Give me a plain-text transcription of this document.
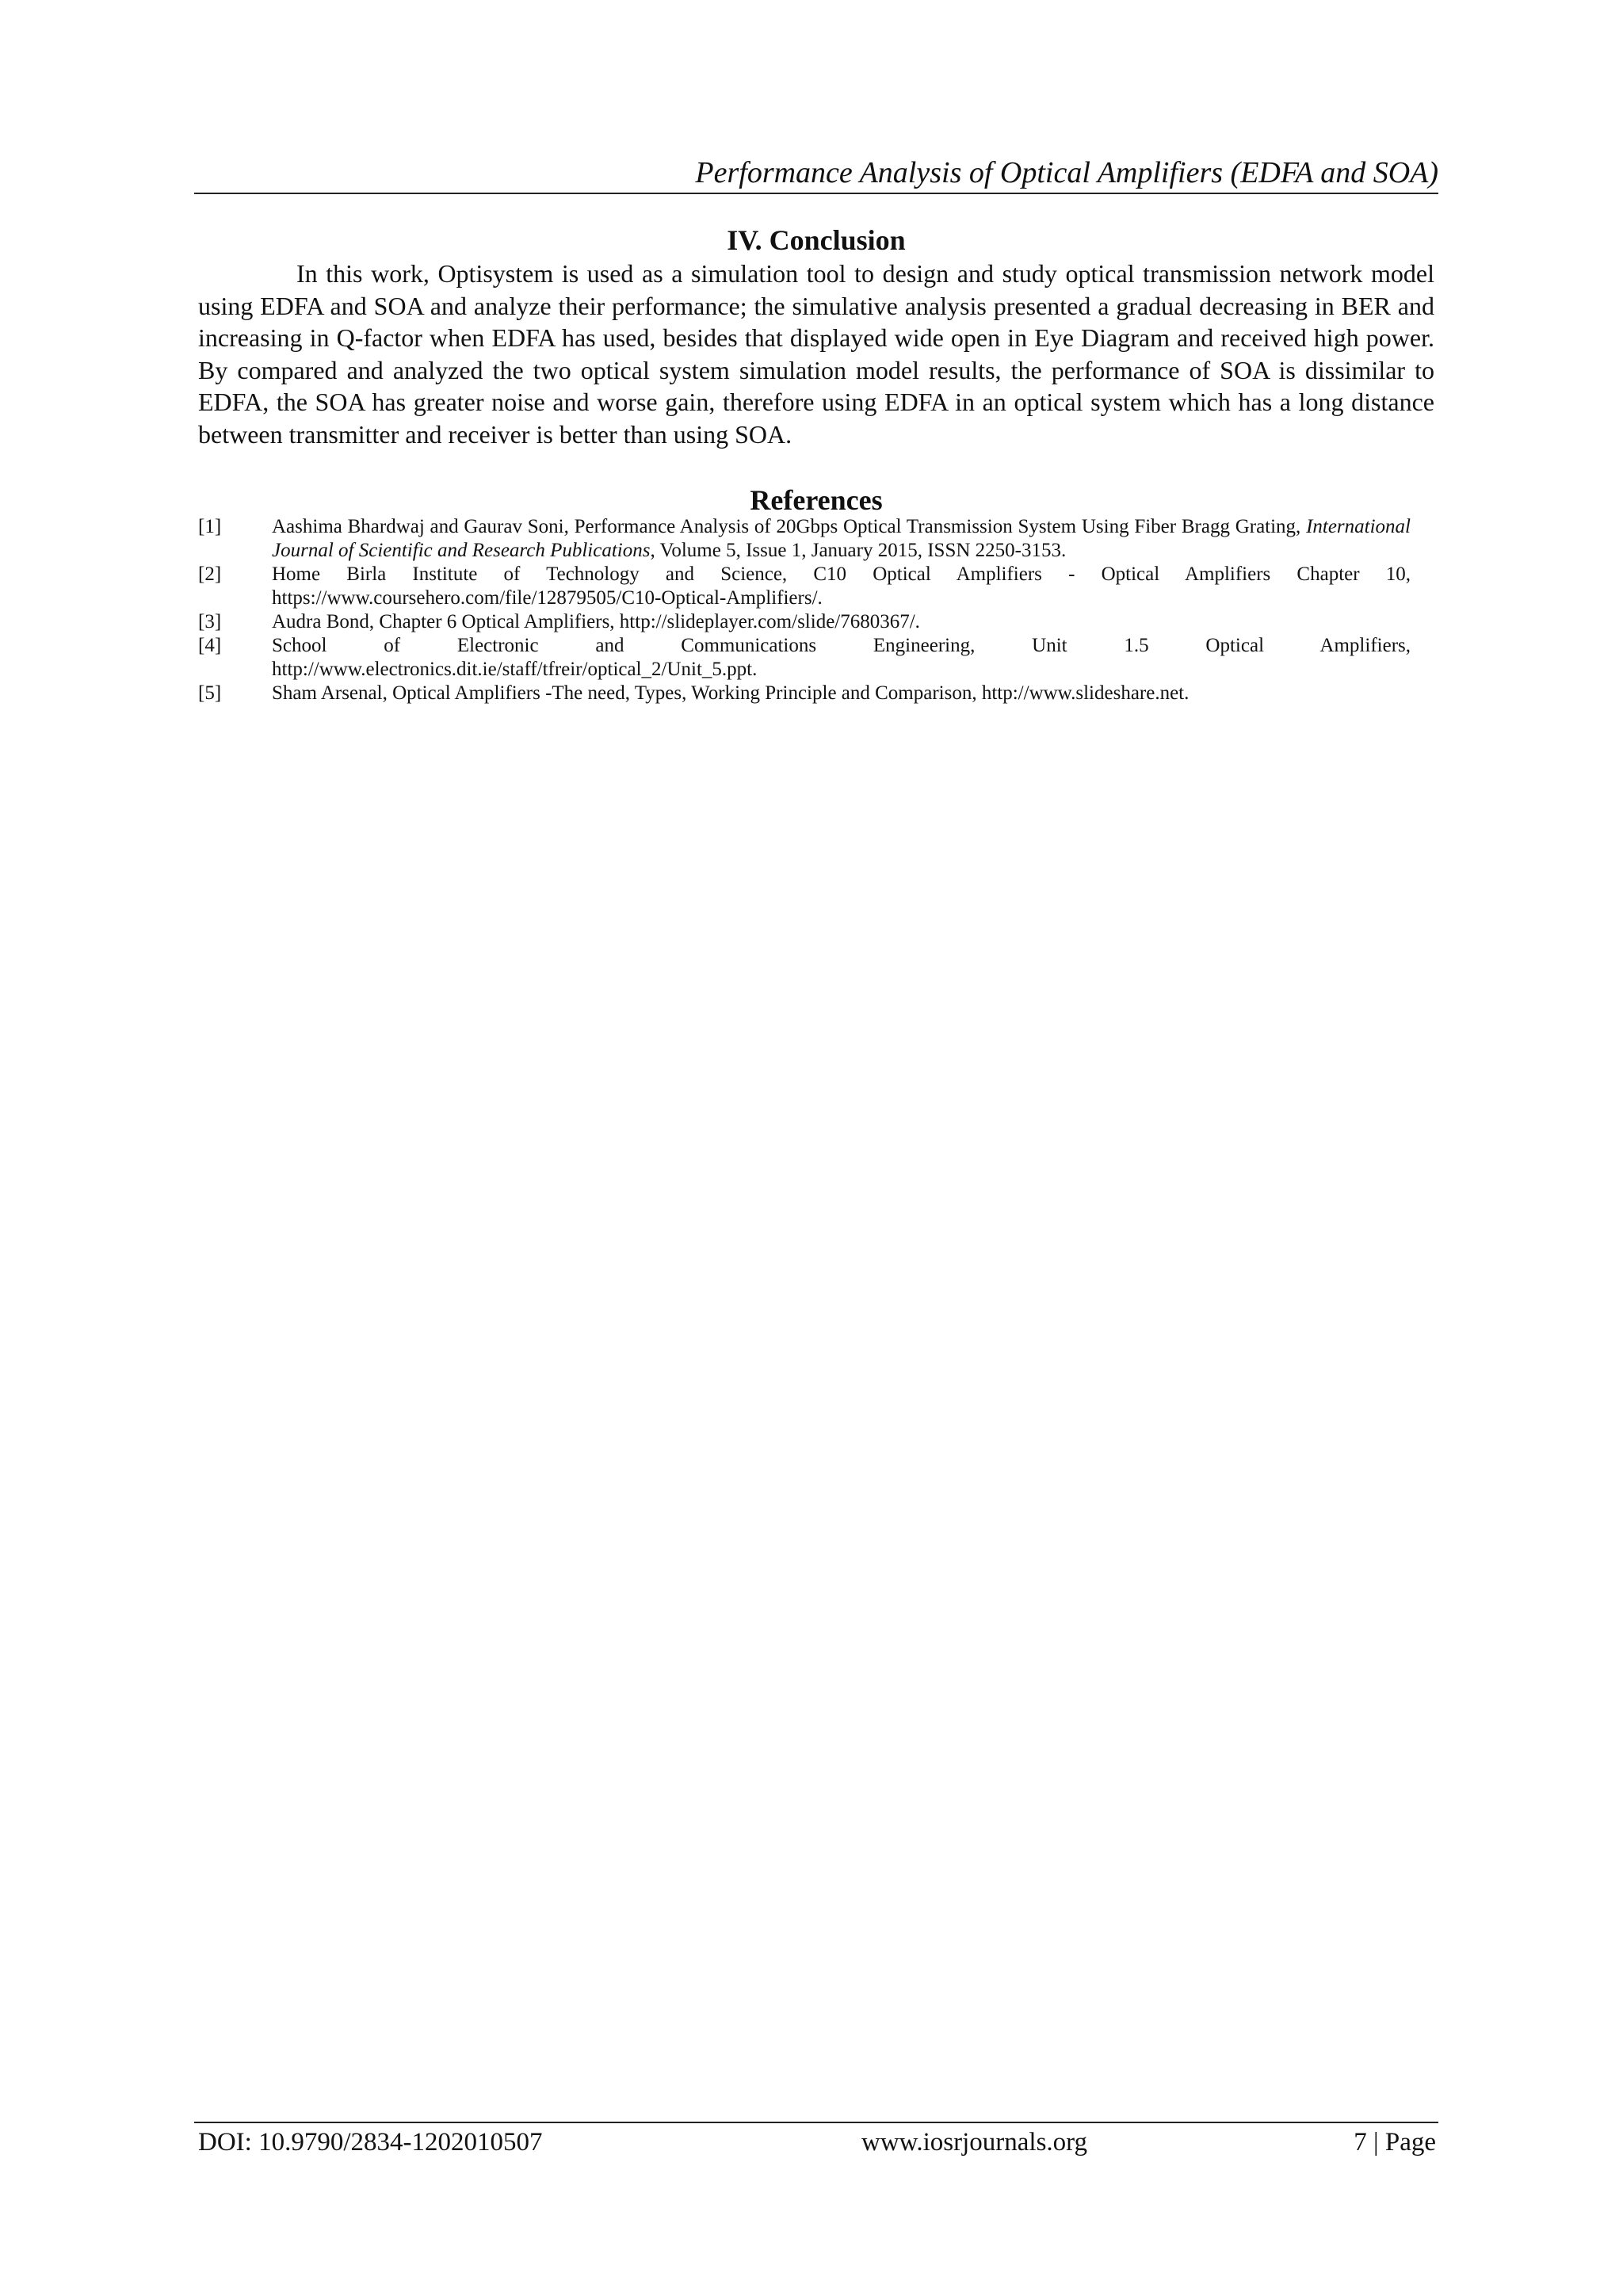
Performance Analysis of Optical Amplifiers (EDFA and SOA)
IV. Conclusion

In this work, Optisystem is used as a simulation tool to design and study optical transmission network model using EDFA and SOA and analyze their performance; the simulative analysis presented a gradual decreasing in BER and increasing in Q-factor when EDFA has used, besides that displayed wide open in Eye Diagram and received high power. By compared and analyzed the two optical system simulation model results, the performance of SOA is dissimilar to EDFA, the SOA has greater noise and worse gain, therefore using EDFA in an optical system which has a long distance between transmitter and receiver is better than using SOA.

References
[1]	Aashima Bhardwaj and Gaurav Soni, Performance Analysis of 20Gbps Optical Transmission System Using Fiber Bragg Grating, International Journal of Scientific and Research Publications, Volume 5, Issue 1, January 2015, ISSN 2250-3153.
[2]	Home Birla Institute of Technology and Science, C10 Optical Amplifiers - Optical Amplifiers Chapter 10, https://www.coursehero.com/file/12879505/C10-Optical-Amplifiers/.
[3]	Audra Bond, Chapter 6 Optical Amplifiers, http://slideplayer.com/slide/7680367/.
[4]	School of Electronic and Communications Engineering, Unit 1.5 Optical Amplifiers, http://www.electronics.dit.ie/staff/tfreir/optical_2/Unit_5.ppt.
[5]	Sham Arsenal, Optical Amplifiers -The need, Types, Working Principle and Comparison, http://www.slideshare.net.
DOI: 10.9790/2834-1202010507	www.iosrjournals.org	7 | Page
